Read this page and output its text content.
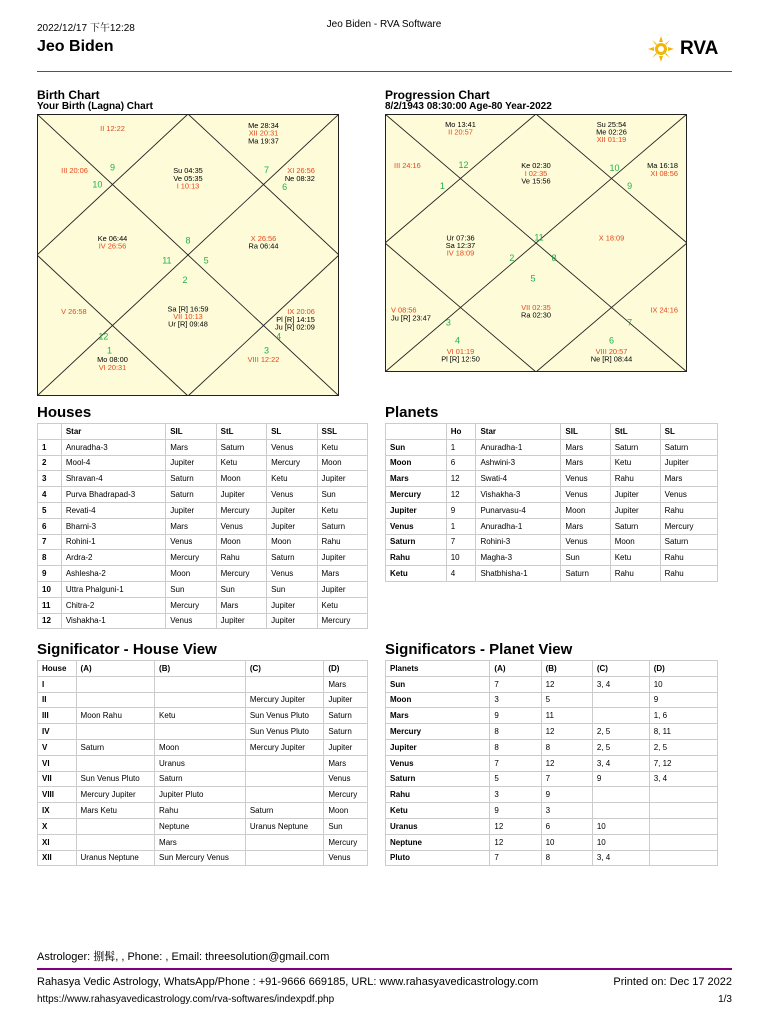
2022/12/17 下午12:28	Jeo Biden - RVA Software
Jeo Biden	RVA
Birth Chart
Your Birth (Lagna) Chart
II 12:22	Me 28:34
XII 20:31
Ma 19:37
III 20:06	Su 04:35
Ve 05:35
I 10:13
XI 26:56
Ne 08:32
Ke 06:44
IV 26:56
X 26:56
Ra 06:44
V 26:58	Sa [R] 16:59
VII 10:13
Ur [R] 09:48
IX 20:06
Pl [R] 14:15
Ju [R] 02:09
Mo 08:00
VI 20:31
VIII 12:22
9
10
7
6
8
11	5
2
12
1	3
4
Progression Chart
8/2/1943 08:30:00 Age-80 Year-2022
Mo 13:41
II 20:57
Su 25:54
Me 02:26
XII 01:19
III 24:16	Ke 02:30
I 02:35
Ve 15:56
Ma 16:18
XI 08:56
Ur 07:36
Sa 12:37
IV 18:09
X 18:09
V 08:56
Ju [R] 23:47
VII 02:35
Ra 02:30
IX 24:16
VI 01:19
Pl [R] 12:50
VIII 20:57
Ne [R] 08:44
12
1
10
9
11
2	8
5
3
4	6
7
Houses
	Star	SIL	StL	SL	SSL
1	Anuradha-3	Mars	Saturn	Venus	Ketu
2	Mool-4	Jupiter	Ketu	Mercury	Moon
3	Shravan-4	Saturn	Moon	Ketu	Jupiter
4	Purva Bhadrapad-3	Saturn	Jupiter	Venus	Sun
5	Revati-4	Jupiter	Mercury	Jupiter	Ketu
6	Bharni-3	Mars	Venus	Jupiter	Saturn
7	Rohini-1	Venus	Moon	Moon	Rahu
8	Ardra-2	Mercury	Rahu	Saturn	Jupiter
9	Ashlesha-2	Moon	Mercury	Venus	Mars
10	Uttra Phalguni-1	Sun	Sun	Sun	Jupiter
11	Chitra-2	Mercury	Mars	Jupiter	Ketu
12	Vishakha-1	Venus	Jupiter	Jupiter	Mercury
Planets
	Ho	Star	SIL	StL	SL
Sun	1	Anuradha-1	Mars	Saturn	Saturn
Moon	6	Ashwini-3	Mars	Ketu	Jupiter
Mars	12	Swati-4	Venus	Rahu	Mars
Mercury	12	Vishakha-3	Venus	Jupiter	Venus
Jupiter	9	Punarvasu-4	Moon	Jupiter	Rahu
Venus	1	Anuradha-1	Mars	Saturn	Mercury
Saturn	7	Rohini-3	Venus	Moon	Saturn
Rahu	10	Magha-3	Sun	Ketu	Rahu
Ketu	4	Shatbhisha-1	Saturn	Rahu	Rahu
Significator - House View
House	(A)	(B)	(C)	(D)
I				Mars
II			Mercury Jupiter	Jupiter
III	Moon Rahu	Ketu	Sun Venus Pluto	Saturn
IV			Sun Venus Pluto	Saturn
V	Saturn	Moon	Mercury Jupiter	Jupiter
VI		Uranus		Mars
VII	Sun Venus Pluto	Saturn		Venus
VIII	Mercury Jupiter	Jupiter Pluto		Mercury
IX	Mars Ketu	Rahu	Saturn	Moon
X		Neptune	Uranus Neptune	Sun
XI		Mars		Mercury
XII	Uranus Neptune	Sun Mercury Venus		Venus
Significators - Planet View
Planets	(A)	(B)	(C)	(D)
Sun	7	12	3, 4	10
Moon	3	5		9
Mars	9	11		1, 6
Mercury	8	12	2, 5	8, 11
Jupiter	8	8	2, 5	2, 5
Venus	7	12	3, 4	7, 12
Saturn	5	7	9	3, 4
Rahu	3	9		
Ketu	9	3		
Uranus	12	6	10	
Neptune	12	10	10	
Pluto	7	8	3, 4	
Astrologer: 捌髯, , Phone: , Email: threesolution@gmail.com
Rahasya Vedic Astrology, WhatsApp/Phone : +91-9666 669185, URL: www.rahasyavedicastrology.com	Printed on: Dec 17 2022
https://www.rahasyavedicastrology.com/rva-softwares/indexpdf.php	1/3
